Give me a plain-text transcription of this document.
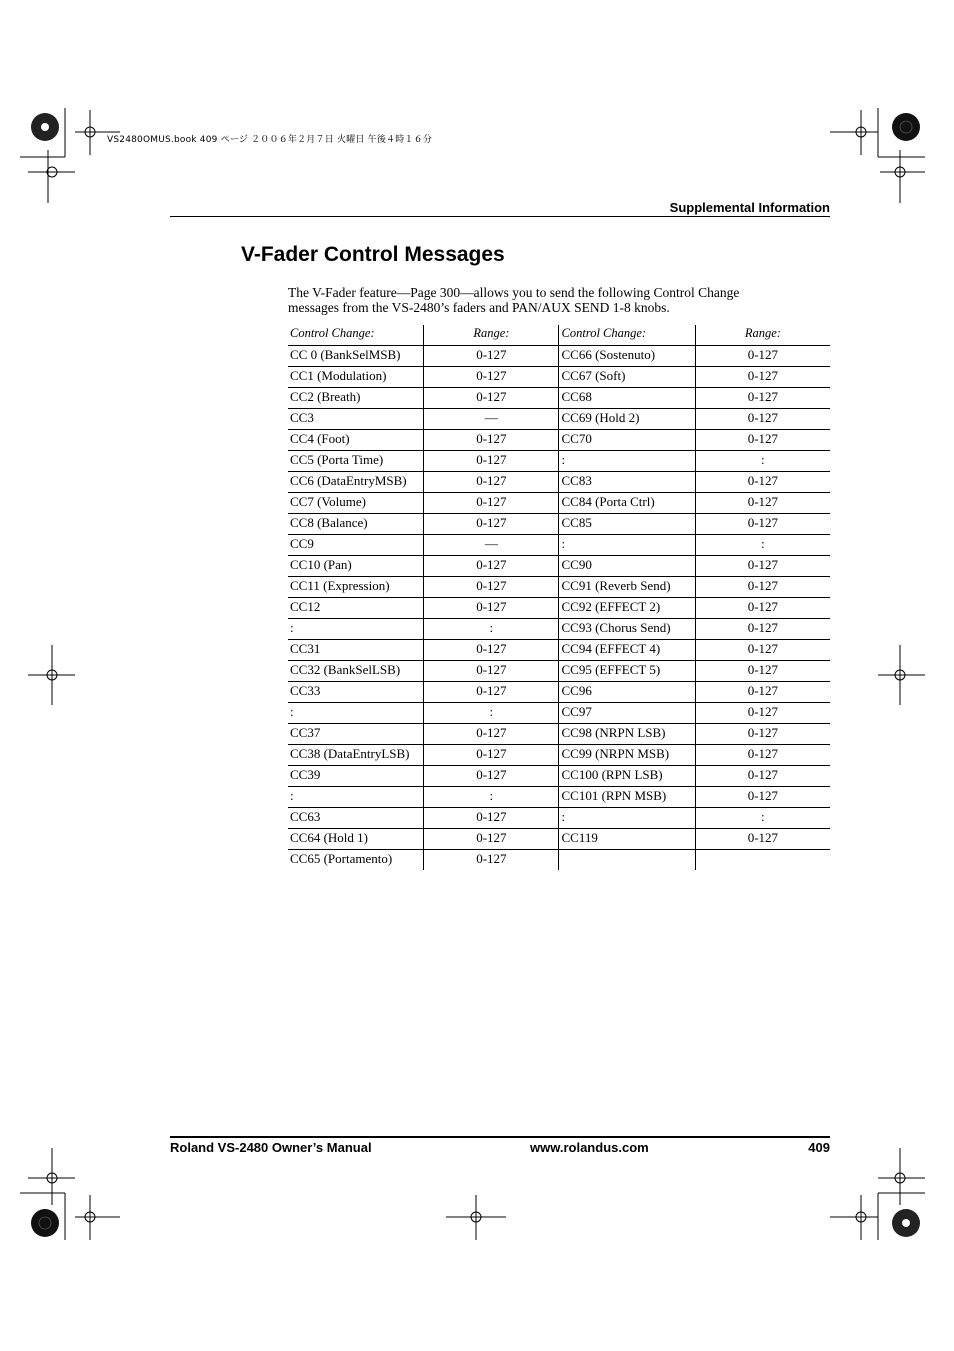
VS2480OMUS.book 409 ページ ２００６年２月７日 火曜日 午後４時１６分
Supplemental Information
V-Fader Control Messages

The V-Fader feature—Page 300—allows you to send the following Control Change

messages from the VS-2480’s faders and PAN/AUX SEND 1-8 knobs.

Control Change:	Range:	Control Change:	Range:
CC 0 (BankSelMSB)	0-127	CC66 (Sostenuto)	0-127
CC1 (Modulation)	0-127	CC67 (Soft)	0-127
CC2 (Breath)	0-127	CC68	0-127
CC3	—	CC69 (Hold 2)	0-127
CC4 (Foot)	0-127	CC70	0-127
CC5 (Porta Time)	0-127	:	:
CC6 (DataEntryMSB)	0-127	CC83	0-127
CC7 (Volume)	0-127	CC84 (Porta Ctrl)	0-127
CC8 (Balance)	0-127	CC85	0-127
CC9	—	:	:
CC10 (Pan)	0-127	CC90	0-127
CC11 (Expression)	0-127	CC91 (Reverb Send)	0-127
CC12	0-127	CC92 (EFFECT 2)	0-127
:	:	CC93 (Chorus Send)	0-127
CC31	0-127	CC94 (EFFECT 4)	0-127
CC32 (BankSelLSB)	0-127	CC95 (EFFECT 5)	0-127
CC33	0-127	CC96	0-127
:	:	CC97	0-127
CC37	0-127	CC98 (NRPN LSB)	0-127
CC38 (DataEntryLSB)	0-127	CC99 (NRPN MSB)	0-127
CC39	0-127	CC100 (RPN LSB)	0-127
:	:	CC101 (RPN MSB)	0-127
CC63	0-127	:	:
CC64 (Hold 1)	0-127	CC119	0-127
CC65 (Portamento)	0-127		
Roland VS-2480 Owner’s Manual	www.rolandus.com	409
